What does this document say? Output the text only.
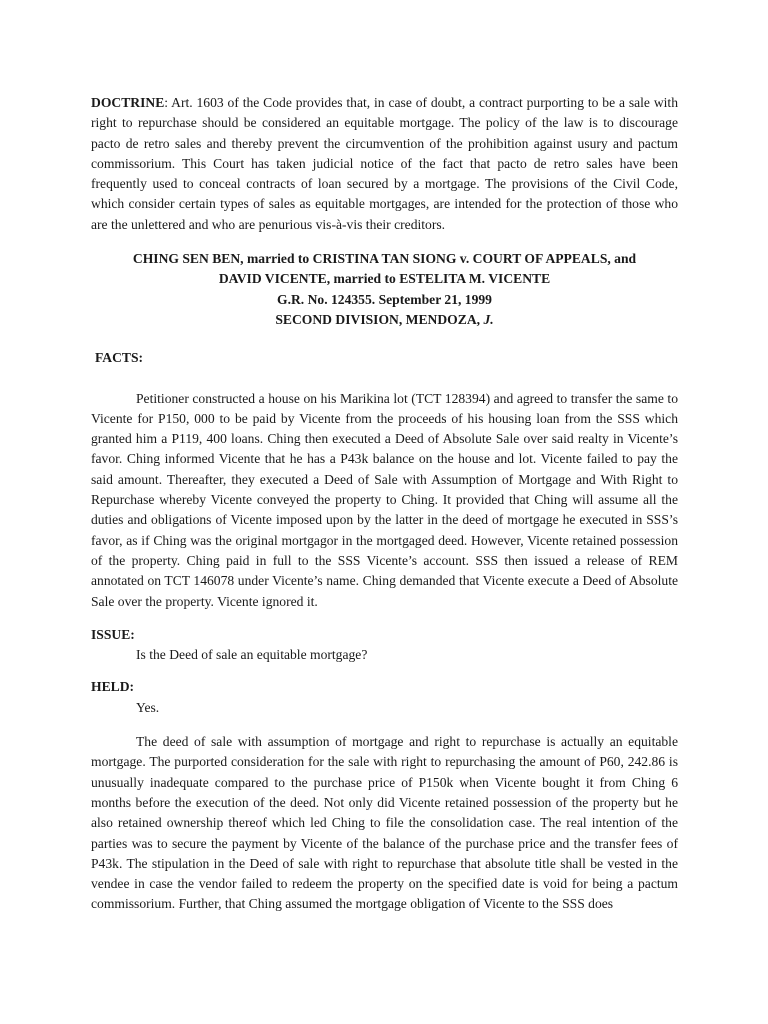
DOCTRINE: Art. 1603 of the Code provides that, in case of doubt, a contract purporting to be a sale with right to repurchase should be considered an equitable mortgage. The policy of the law is to discourage pacto de retro sales and thereby prevent the circumvention of the prohibition against usury and pactum commissorium. This Court has taken judicial notice of the fact that pacto de retro sales have been frequently used to conceal contracts of loan secured by a mortgage. The provisions of the Civil Code, which consider certain types of sales as equitable mortgages, are intended for the protection of those who are the unlettered and who are penurious vis-à-vis their creditors.

CHING SEN BEN, married to CRISTINA TAN SIONG v. COURT OF APPEALS, and

DAVID VICENTE, married to ESTELITA M. VICENTE

G.R. No. 124355. September 21, 1999

SECOND DIVISION, MENDOZA, J.

FACTS:

Petitioner constructed a house on his Marikina lot (TCT 128394) and agreed to transfer the same to Vicente for P150, 000 to be paid by Vicente from the proceeds of his housing loan from the SSS which granted him a P119, 400 loans. Ching then executed a Deed of Absolute Sale over said realty in Vicente’s favor. Ching informed Vicente that he has a P43k balance on the house and lot. Vicente failed to pay the said amount. Thereafter, they executed a Deed of Sale with Assumption of Mortgage and With Right to Repurchase whereby Vicente conveyed the property to Ching. It provided that Ching will assume all the duties and obligations of Vicente imposed upon by the latter in the deed of mortgage he executed in SSS’s favor, as if Ching was the original mortgagor in the mortgaged deed. However, Vicente retained possession of the property. Ching paid in full to the SSS Vicente’s account. SSS then issued a release of REM annotated on TCT 146078 under Vicente’s name. Ching demanded that Vicente execute a Deed of Absolute Sale over the property. Vicente ignored it.

ISSUE:

Is the Deed of sale an equitable mortgage?

HELD:

Yes.

The deed of sale with assumption of mortgage and right to repurchase is actually an equitable mortgage. The purported consideration for the sale with right to repurchasing the amount of P60, 242.86 is unusually inadequate compared to the purchase price of P150k when Vicente bought it from Ching 6 months before the execution of the deed. Not only did Vicente retained possession of the property but he also retained ownership thereof which led Ching to file the consolidation case. The real intention of the parties was to secure the payment by Vicente of the balance of the purchase price and the transfer fees of P43k. The stipulation in the Deed of sale with right to repurchase that absolute title shall be vested in the vendee in case the vendor failed to redeem the property on the specified date is void for being a pactum commissorium. Further, that Ching assumed the mortgage obligation of Vicente to the SSS does
